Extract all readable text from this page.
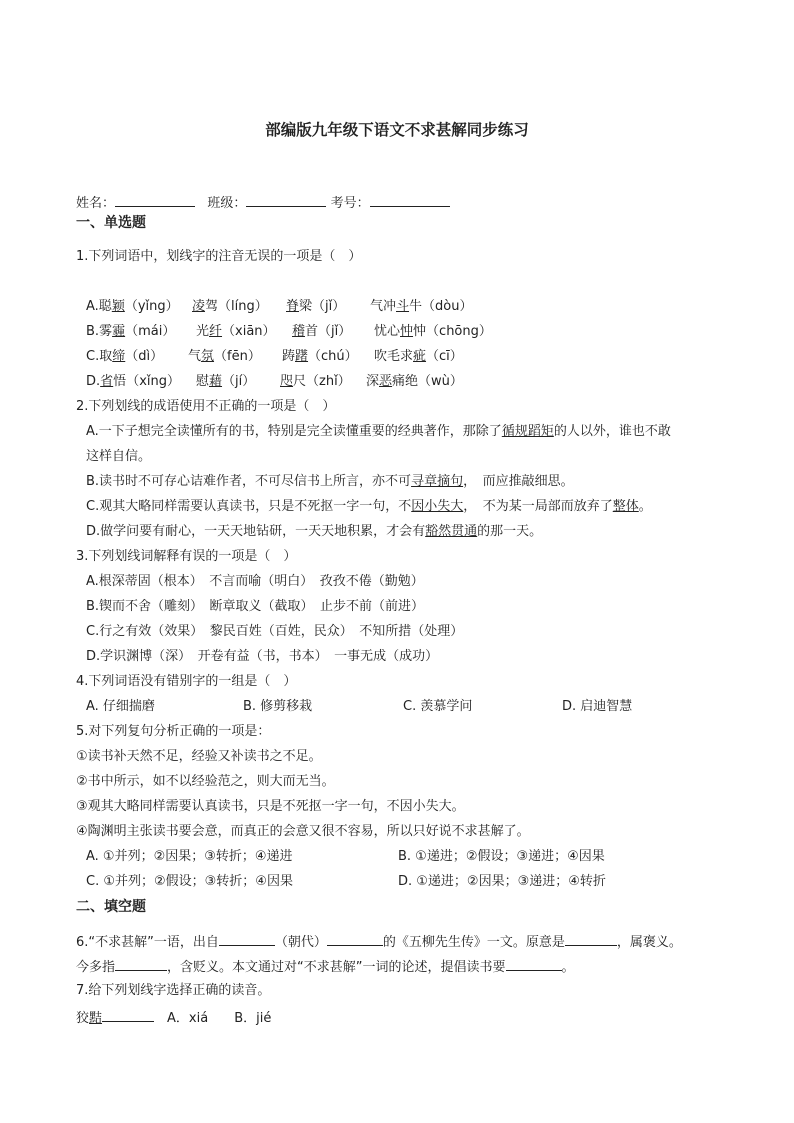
部编版九年级下语文不求甚解同步练习
姓名：	班级：	考号：
一、单选题
1.下列词语中，划线字的注音无误的一项是（　）
A.聪颖（yǐng） 凌驾（líng） 脊梁（jǐ） 气冲斗牛（dòu）
B.雾霾（mái） 光纤（xiān） 稽首（jǐ） 忧心忡忡（chōng）
C.取缔（dì） 气氛（fēn） 踌躇（chú） 吹毛求疵（cī）
D.省悟（xǐng） 慰藉（jí） 咫尺（zhǐ） 深恶痛绝（wù）
2.下列划线的成语使用不正确的一项是（　）
A.一下子想完全读懂所有的书，特别是完全读懂重要的经典著作，那除了循规蹈矩的人以外，谁也不敢
这样自信。
B.读书时不可存心诘难作者，不可尽信书上所言，亦不可寻章摘句，　而应推敲细思。
C.观其大略同样需要认真读书，只是不死抠一字一句，不因小失大，　不为某一局部而放弃了整体。
D.做学问要有耐心，一天天地钻研，一天天地积累，才会有豁然贯通的那一天。
3.下列划线词解释有误的一项是（　）
A.根深蒂固（根本）　不言而喻（明白）　孜孜不倦（勤勉）
B.锲而不舍（雕刻）　断章取义（截取）　止步不前（前进）
C.行之有效（效果）　黎民百姓（百姓，民众）　不知所措（处理）
D.学识渊博（深）　开卷有益（书，书本）　一事无成（成功）
4.下列词语没有错别字的一组是（　）
A. 仔细揣磨	B. 修剪移栽	C. 羡慕学问	D. 启迪智慧
5.对下列复句分析正确的一项是：
①读书补天然不足，经验又补读书之不足。
②书中所示，如不以经验范之，则大而无当。
③观其大略同样需要认真读书，只是不死抠一字一句，不因小失大。
④陶渊明主张读书要会意，而真正的会意又很不容易，所以只好说不求甚解了。
A. ①并列；②因果；③转折；④递进	B. ①递进；②假设；③递进；④因果
C. ①并列；②假设；③转折；④因果	D. ①递进；②因果；③递进；④转折
二、填空题
6.“不求甚解”一语，出自	（朝代）	的《五柳先生传》一文。原意是	，属褒义。
今多指	，含贬义。本文通过对“不求甚解”一词的论述，提倡读书要	。
7.给下列划线字选择正确的读音。
狡黠	　A．xiá　　B．jié
